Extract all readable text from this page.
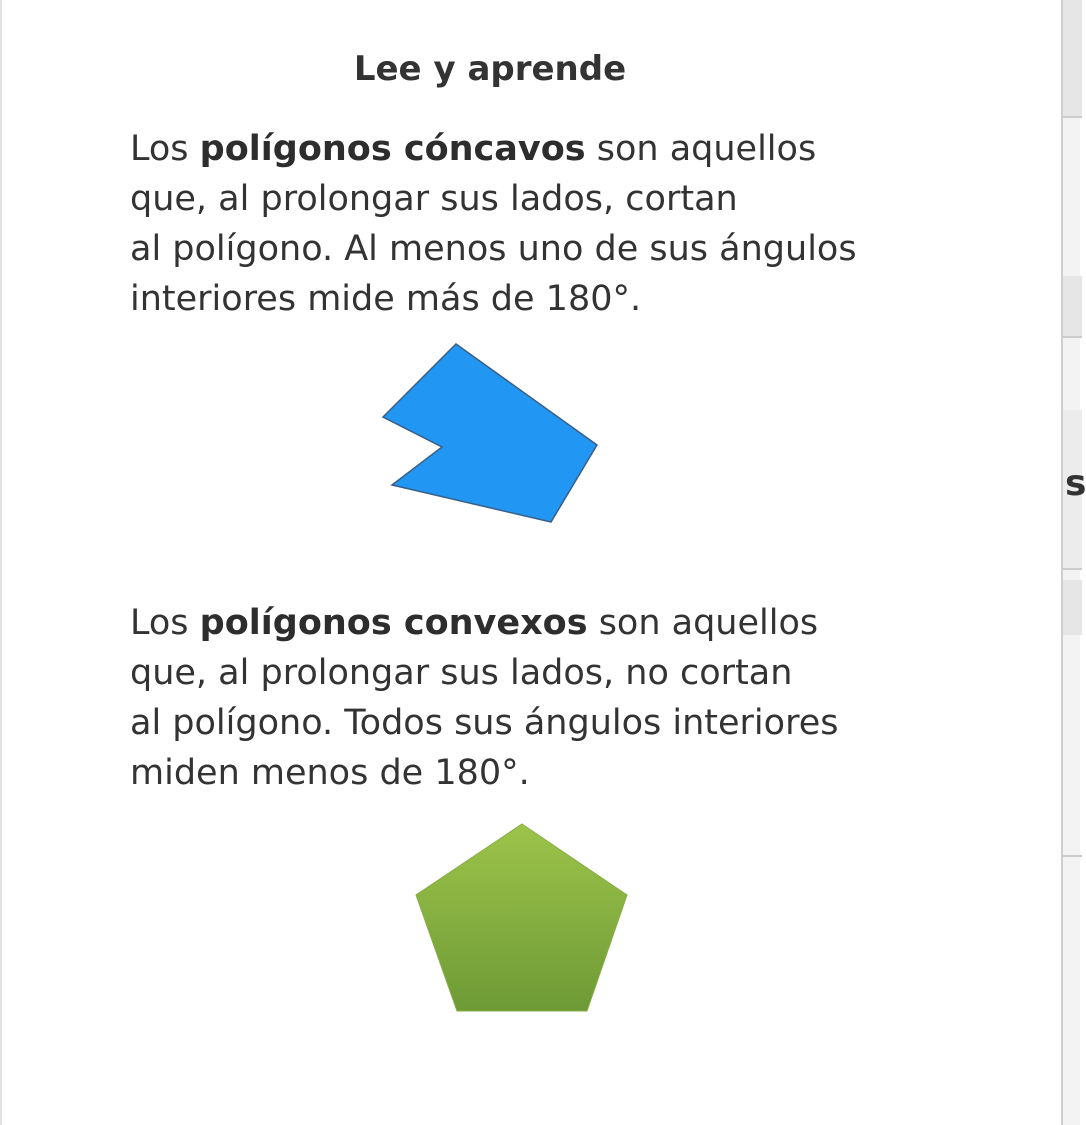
Lee y aprende
Los polígonos cóncavos son aquellos
que, al prolongar sus lados, cortan
al polígono. Al menos uno de sus ángulos
interiores mide más de 180°.
Los polígonos convexos son aquellos
que, al prolongar sus lados, no cortan
al polígono. Todos sus ángulos interiores
miden menos de 180°.
s
